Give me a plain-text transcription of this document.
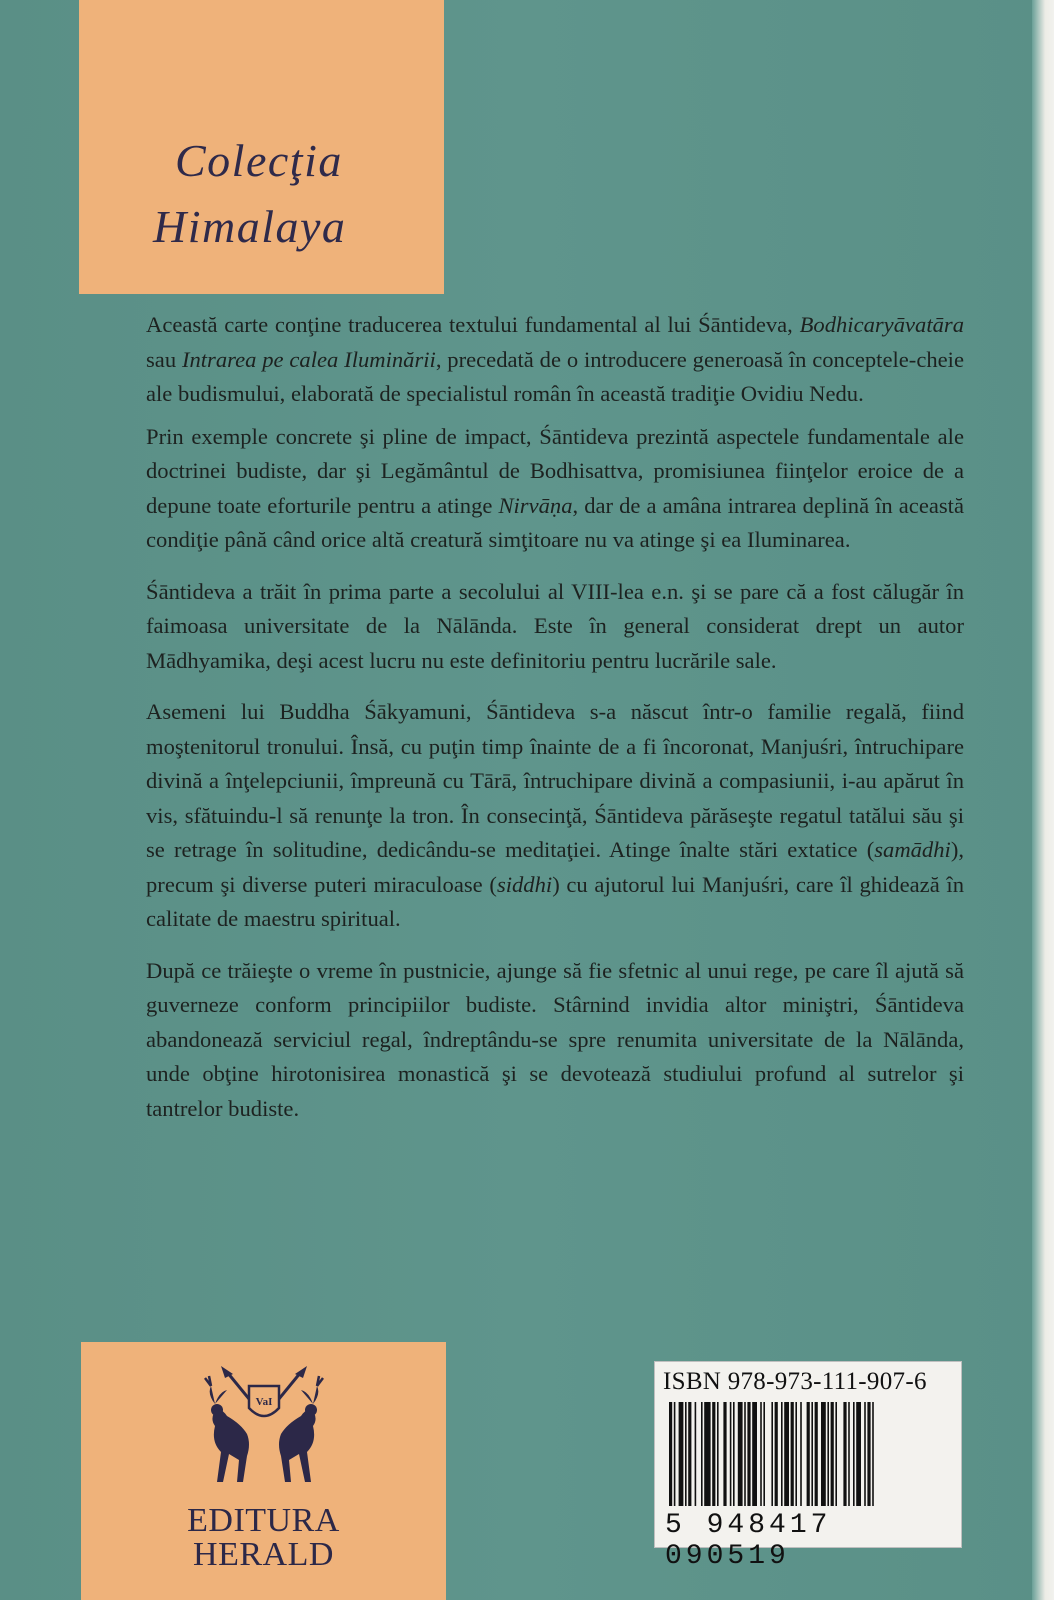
Colecţia
Himalaya

Această carte conţine traducerea textului fundamental al lui Śāntideva, Bodhicaryāvatāra sau Intrarea pe calea Iluminării, precedată de o introducere generoasă în conceptele-cheie ale budismului, elaborată de specialistul român în această tradiţie Ovidiu Nedu.

Prin exemple concrete şi pline de impact, Śāntideva prezintă aspectele fundamentale ale doctrinei budiste, dar şi Legământul de Bodhisattva, promisiunea fiinţelor eroice de a depune toate eforturile pentru a atinge Nirvāṇa, dar de a amâna intrarea deplină în această condiţie până când orice altă creatură simţitoare nu va atinge şi ea Iluminarea.

Śāntideva a trăit în prima parte a secolului al VIII-lea e.n. şi se pare că a fost călugăr în faimoasa universitate de la Nālānda. Este în general considerat drept un autor Mādhyamika, deşi acest lucru nu este definitoriu pentru lucrările sale.

Asemeni lui Buddha Śākyamuni, Śāntideva s-a născut într-o familie regală, fiind moştenitorul tronului. Însă, cu puţin timp înainte de a fi încoronat, Manjuśri, întruchipare divină a înţelepciunii, împreună cu Tārā, întruchipare divină a compasiunii, i-au apărut în vis, sfătuindu-l să renunţe la tron. În consecinţă, Śāntideva părăseşte regatul tatălui său şi se retrage în solitudine, dedicându-se meditaţiei. Atinge înalte stări extatice (samādhi), precum şi diverse puteri miraculoase (siddhi) cu ajutorul lui Manjuśri, care îl ghidează în calitate de maestru spiritual.

După ce trăieşte o vreme în pustnicie, ajunge să fie sfetnic al unui rege, pe care îl ajută să guverneze conform principiilor budiste. Stârnind invidia altor miniştri, Śāntideva abandonează serviciul regal, îndreptându-se spre renumita universitate de la Nālānda, unde obţine hirotonisirea monastică şi se devotează studiului profund al sutrelor şi tantrelor budiste.

VaI
EDITURA
HERALD
ISBN 978-973-111-907-6
5 948417 090519
